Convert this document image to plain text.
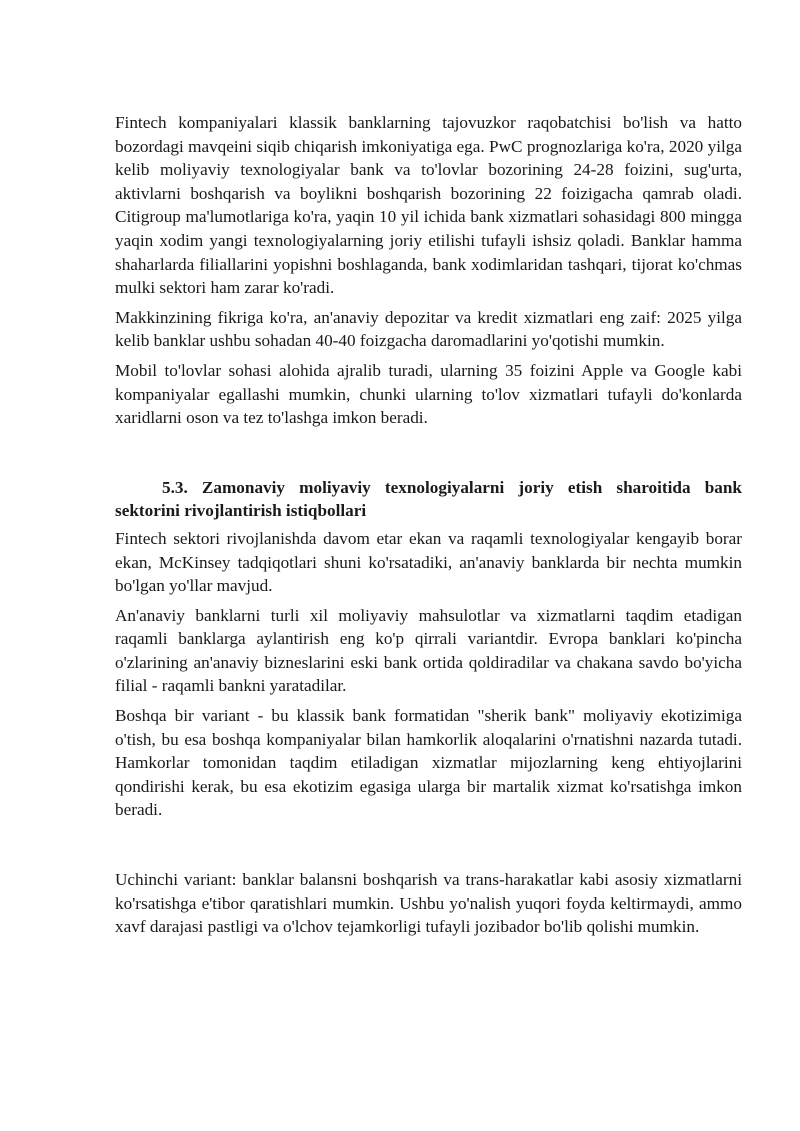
Fintech kompaniyalari klassik banklarning tajovuzkor raqobatchisi bo'lish va hatto bozordagi mavqeini siqib chiqarish imkoniyatiga ega. PwC prognozlariga ko'ra, 2020 yilga kelib moliyaviy texnologiyalar bank va to'lovlar bozorining 24-28 foizini, sug'urta, aktivlarni boshqarish va boylikni boshqarish bozorining 22 foizigacha qamrab oladi. Citigroup ma'lumotlariga ko'ra, yaqin 10 yil ichida bank xizmatlari sohasidagi 800 mingga yaqin xodim yangi texnologiyalarning joriy etilishi tufayli ishsiz qoladi. Banklar hamma shaharlarda filiallarini yopishni boshlaganda, bank xodimlaridan tashqari, tijorat ko'chmas mulki sektori ham zarar ko'radi.

Makkinzining fikriga ko'ra, an'anaviy depozitar va kredit xizmatlari eng zaif: 2025 yilga kelib banklar ushbu sohadan 40-40 foizgacha daromadlarini yo'qotishi mumkin.

Mobil to'lovlar sohasi alohida ajralib turadi, ularning 35 foizini Apple va Google kabi kompaniyalar egallashi mumkin, chunki ularning to'lov xizmatlari tufayli do'konlarda xaridlarni oson va tez to'lashga imkon beradi.

5.3. Zamonaviy moliyaviy texnologiyalarni joriy etish sharoitida bank sektorini rivojlantirish istiqbollari

Fintech sektori rivojlanishda davom etar ekan va raqamli texnologiyalar kengayib borar ekan, McKinsey tadqiqotlari shuni ko'rsatadiki, an'anaviy banklarda bir nechta mumkin bo'lgan yo'llar mavjud.

An'anaviy banklarni turli xil moliyaviy mahsulotlar va xizmatlarni taqdim etadigan raqamli banklarga aylantirish eng ko'p qirrali variantdir. Evropa banklari ko'pincha o'zlarining an'anaviy bizneslarini eski bank ortida qoldiradilar va chakana savdo bo'yicha filial - raqamli bankni yaratadilar.

Boshqa bir variant - bu klassik bank formatidan "sherik bank" moliyaviy ekotizimiga o'tish, bu esa boshqa kompaniyalar bilan hamkorlik aloqalarini o'rnatishni nazarda tutadi. Hamkorlar tomonidan taqdim etiladigan xizmatlar mijozlarning keng ehtiyojlarini qondirishi kerak, bu esa ekotizim egasiga ularga bir martalik xizmat ko'rsatishga imkon beradi.

Uchinchi variant: banklar balansni boshqarish va trans-harakatlar kabi asosiy xizmatlarni ko'rsatishga e'tibor qaratishlari mumkin. Ushbu yo'nalish yuqori foyda keltirmaydi, ammo xavf darajasi pastligi va o'lchov tejamkorligi tufayli jozibador bo'lib qolishi mumkin.
